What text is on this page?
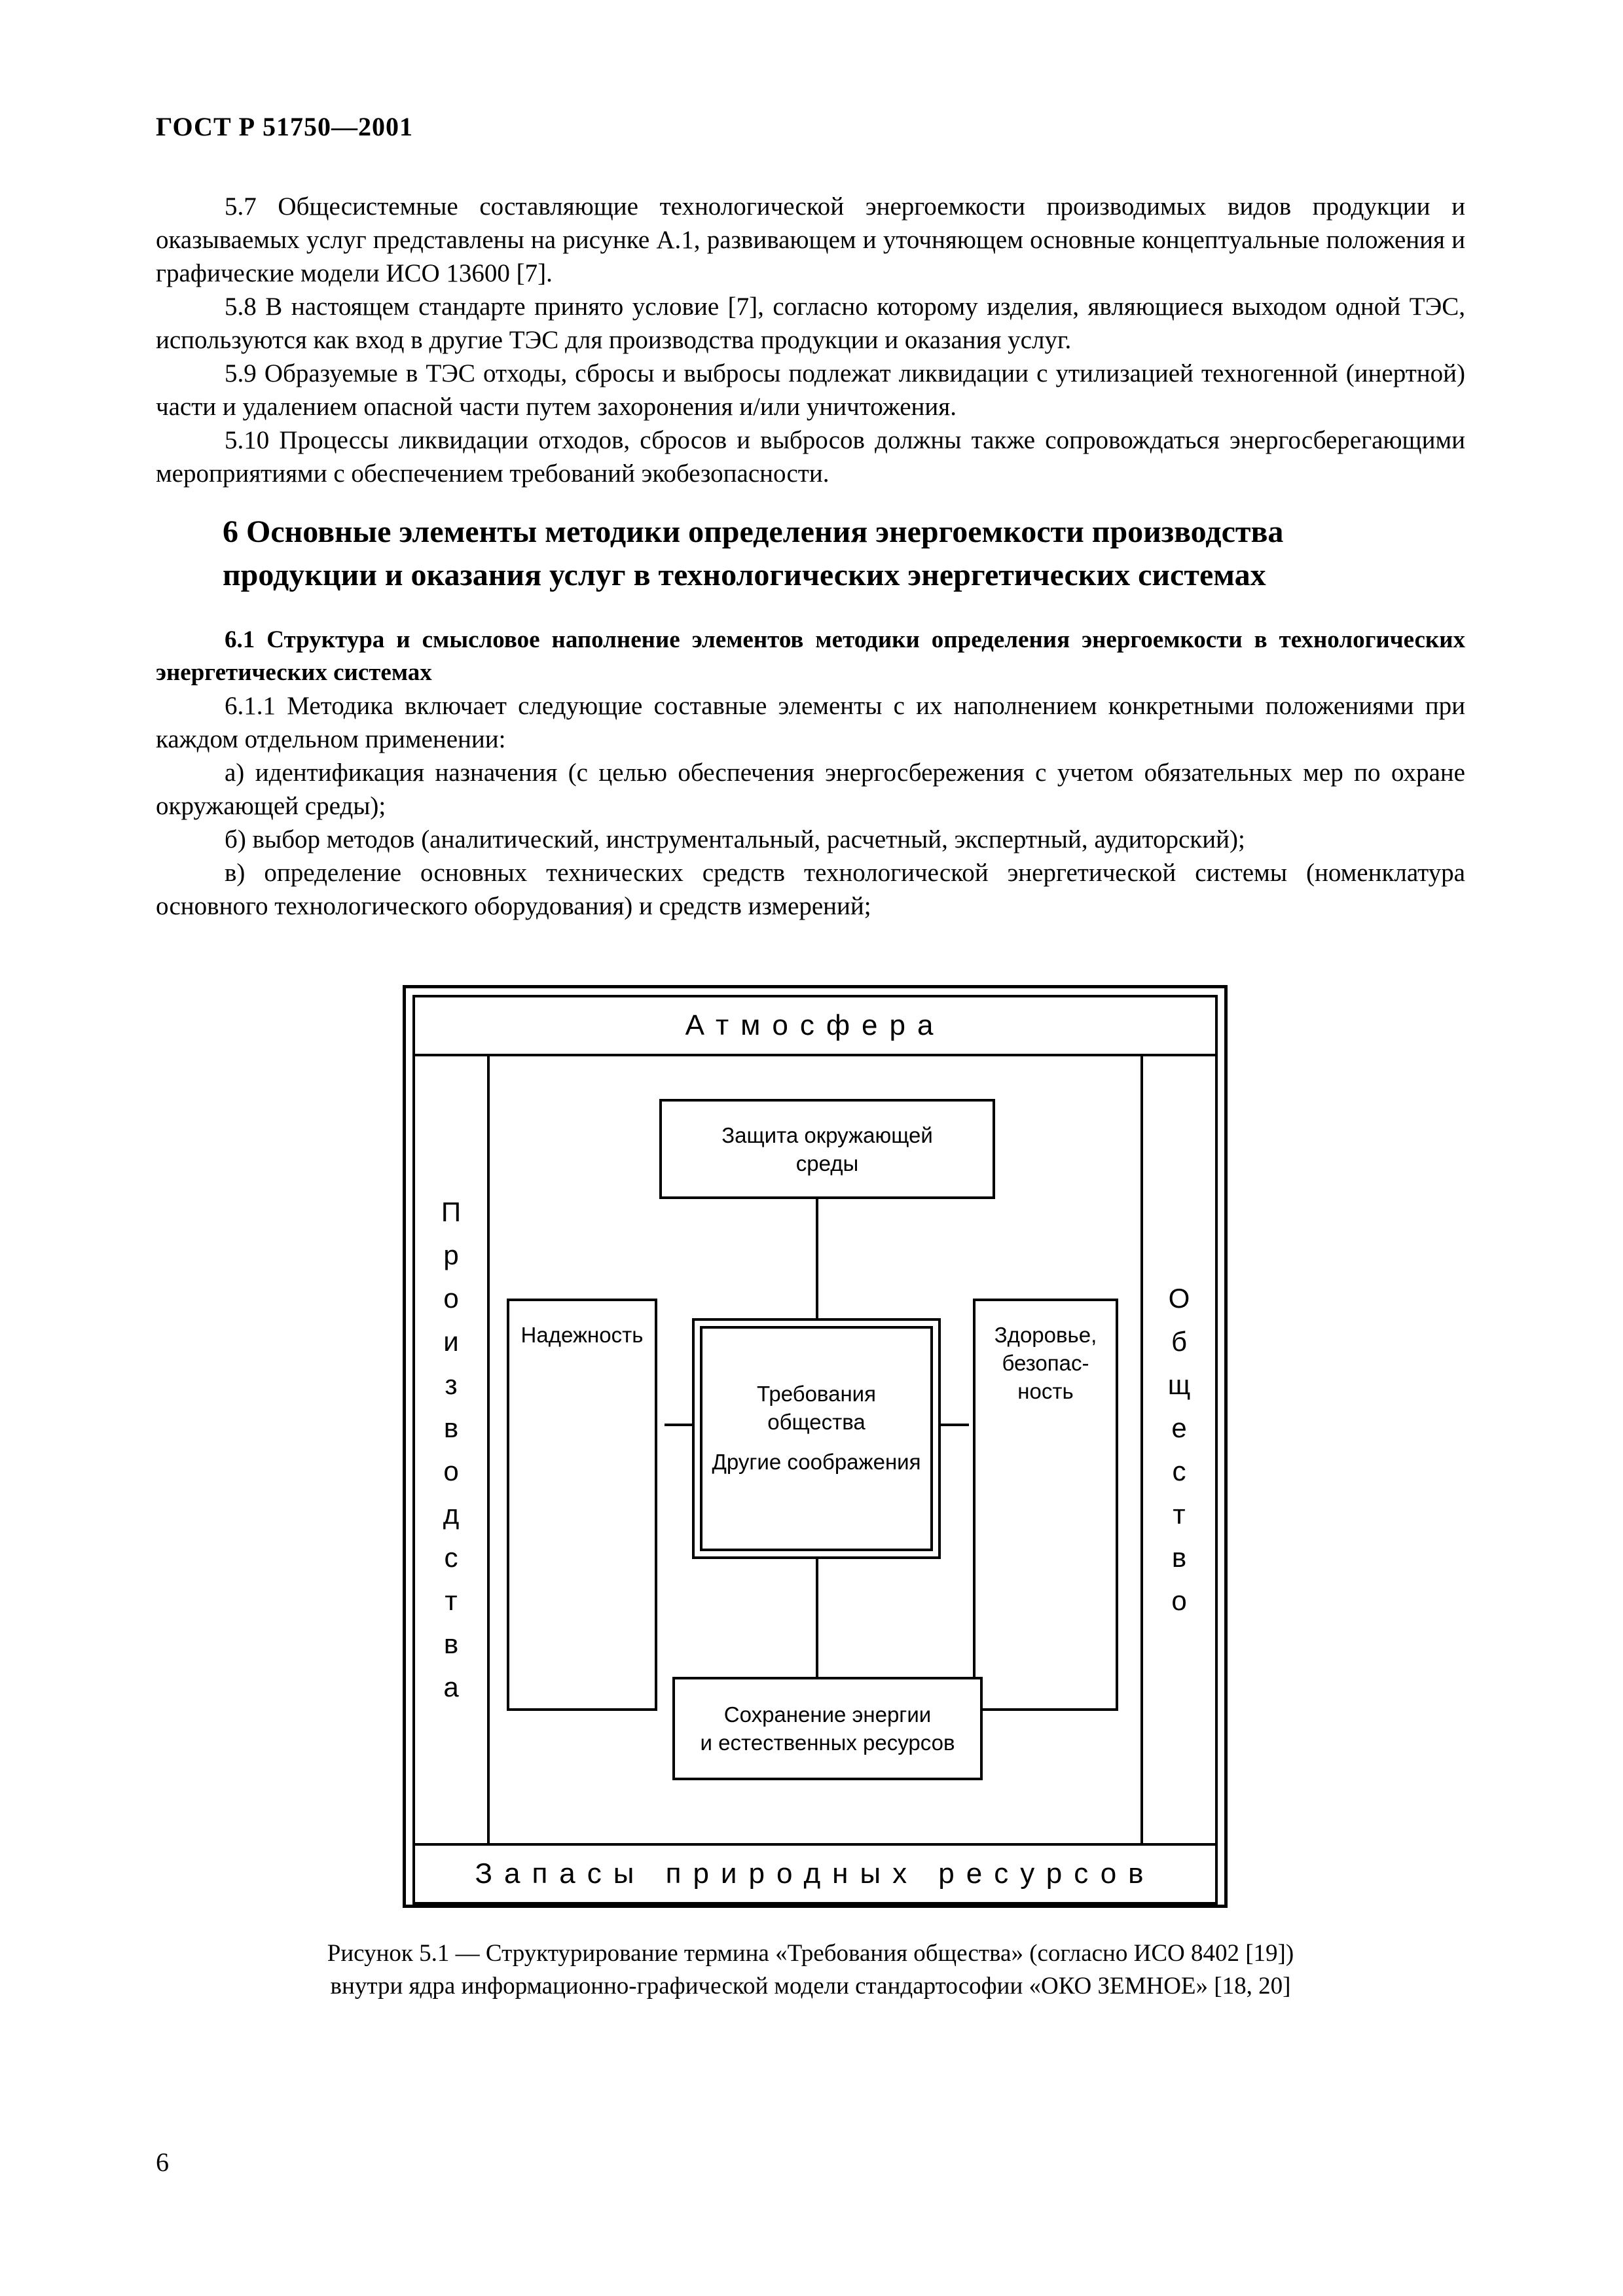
ГОСТ Р 51750—2001

5.7 Общесистемные составляющие технологической энергоемкости производимых видов продукции и оказываемых услуг представлены на рисунке А.1, развивающем и уточняющем основные концептуальные положения и графические модели ИСО 13600 [7].

5.8 В настоящем стандарте принято условие [7], согласно которому изделия, являющиеся выходом одной ТЭС, используются как вход в другие ТЭС для производства продукции и оказания услуг.

5.9 Образуемые в ТЭС отходы, сбросы и выбросы подлежат ликвидации с утилизацией техногенной (инертной) части и удалением опасной части путем захоронения и/или уничтожения.

5.10 Процессы ликвидации отходов, сбросов и выбросов должны также сопровождаться энергосберегающими мероприятиями с обеспечением требований экобезопасности.

6 Основные элементы методики определения энергоемкости производства
продукции и оказания услуг в технологических энергетических системах
6.1 Структура и смысловое наполнение элементов методики определения энергоемкости в технологических энергетических системах

6.1.1 Методика включает следующие составные элементы с их наполнением конкретными положениями при каждом отдельном применении:

а) идентификация назначения (с целью обеспечения энергосбережения с учетом обязательных мер по охране окружающей среды);

б) выбор методов (аналитический, инструментальный, расчетный, экспертный, аудиторский);

в) определение основных технических средств технологической энергетической системы (номенклатура основного технологического оборудования) и средств измерений;

Атмосфера
Запасы природных ресурсов
П
р
о
и
з
в
о
д
с
т
в
а
О
б
щ
е
с
т
в
о
Защита окружающей
среды
Надежность	Здоровье,
безопас-
ность
Требования
общества
Другие соображения
Сохранение энергии
и естественных ресурсов
Рисунок 5.1 — Структурирование термина «Требования общества» (согласно ИСО 8402 [19])
внутри ядра информационно-графической модели стандартософии «ОКО ЗЕМНОЕ» [18, 20]
6
